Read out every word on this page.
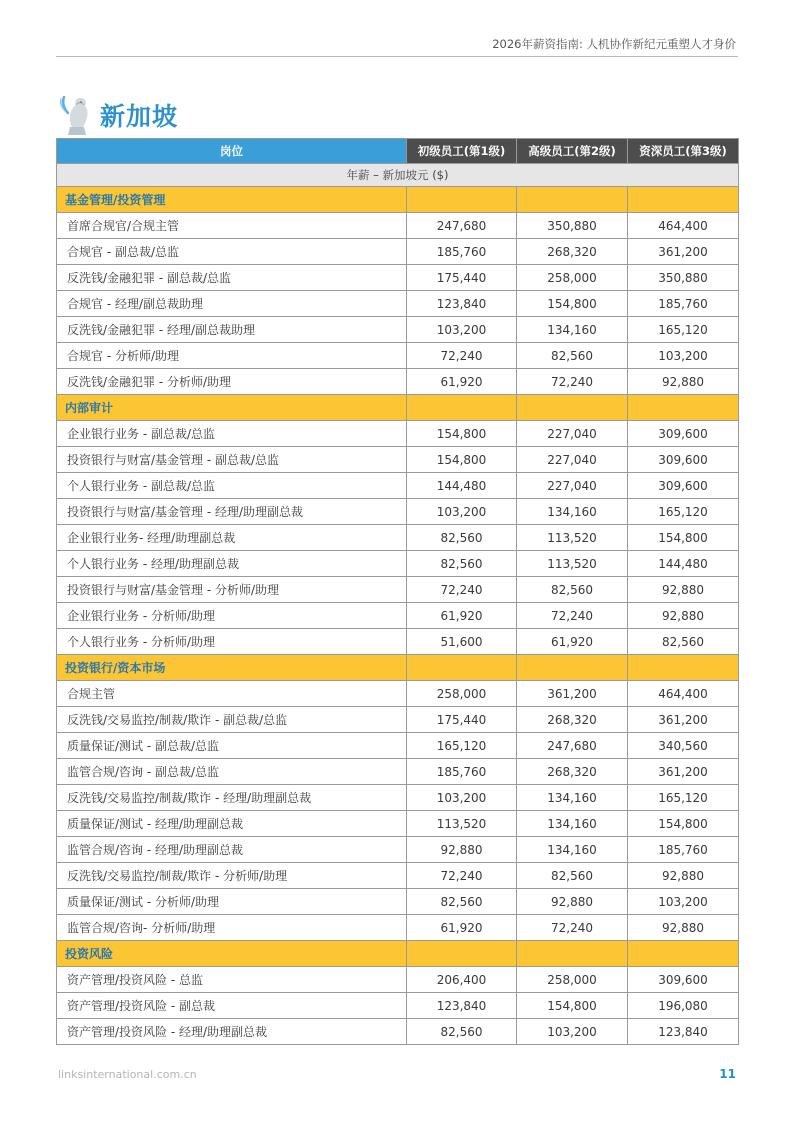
2026年薪资指南: 人机协作新纪元重塑人才身价
新加坡
岗位	初级员工(第1级)	高级员工(第2级)	资深员工(第3级)
年薪 – 新加坡元 ($)			
基金管理/投资管理			
首席合规官/合规主管	247,680	350,880	464,400
合规官 - 副总裁/总监	185,760	268,320	361,200
反洗钱/金融犯罪 - 副总裁/总监	175,440	258,000	350,880
合规官 - 经理/副总裁助理	123,840	154,800	185,760
反洗钱/金融犯罪 - 经理/副总裁助理	103,200	134,160	165,120
合规官 - 分析师/助理	72,240	82,560	103,200
反洗钱/金融犯罪 - 分析师/助理	61,920	72,240	92,880
内部审计			
企业银行业务 - 副总裁/总监	154,800	227,040	309,600
投资银行与财富/基金管理 - 副总裁/总监	154,800	227,040	309,600
个人银行业务 - 副总裁/总监	144,480	227,040	309,600
投资银行与财富/基金管理 - 经理/助理副总裁	103,200	134,160	165,120
企业银行业务- 经理/助理副总裁	82,560	113,520	154,800
个人银行业务 - 经理/助理副总裁	82,560	113,520	144,480
投资银行与财富/基金管理 - 分析师/助理	72,240	82,560	92,880
企业银行业务 - 分析师/助理	61,920	72,240	92,880
个人银行业务 - 分析师/助理	51,600	61,920	82,560
投资银行/资本市场			
合规主管	258,000	361,200	464,400
反洗钱/交易监控/制裁/欺诈 - 副总裁/总监	175,440	268,320	361,200
质量保证/测试 - 副总裁/总监	165,120	247,680	340,560
监管合规/咨询 - 副总裁/总监	185,760	268,320	361,200
反洗钱/交易监控/制裁/欺诈 - 经理/助理副总裁	103,200	134,160	165,120
质量保证/测试 - 经理/助理副总裁	113,520	134,160	154,800
监管合规/咨询 - 经理/助理副总裁	92,880	134,160	185,760
反洗钱/交易监控/制裁/欺诈 - 分析师/助理	72,240	82,560	92,880
质量保证/测试 - 分析师/助理	82,560	92,880	103,200
监管合规/咨询- 分析师/助理	61,920	72,240	92,880
投资风险			
资产管理/投资风险 - 总监	206,400	258,000	309,600
资产管理/投资风险 - 副总裁	123,840	154,800	196,080
资产管理/投资风险 - 经理/助理副总裁	82,560	103,200	123,840
linksinternational.com.cn	11
